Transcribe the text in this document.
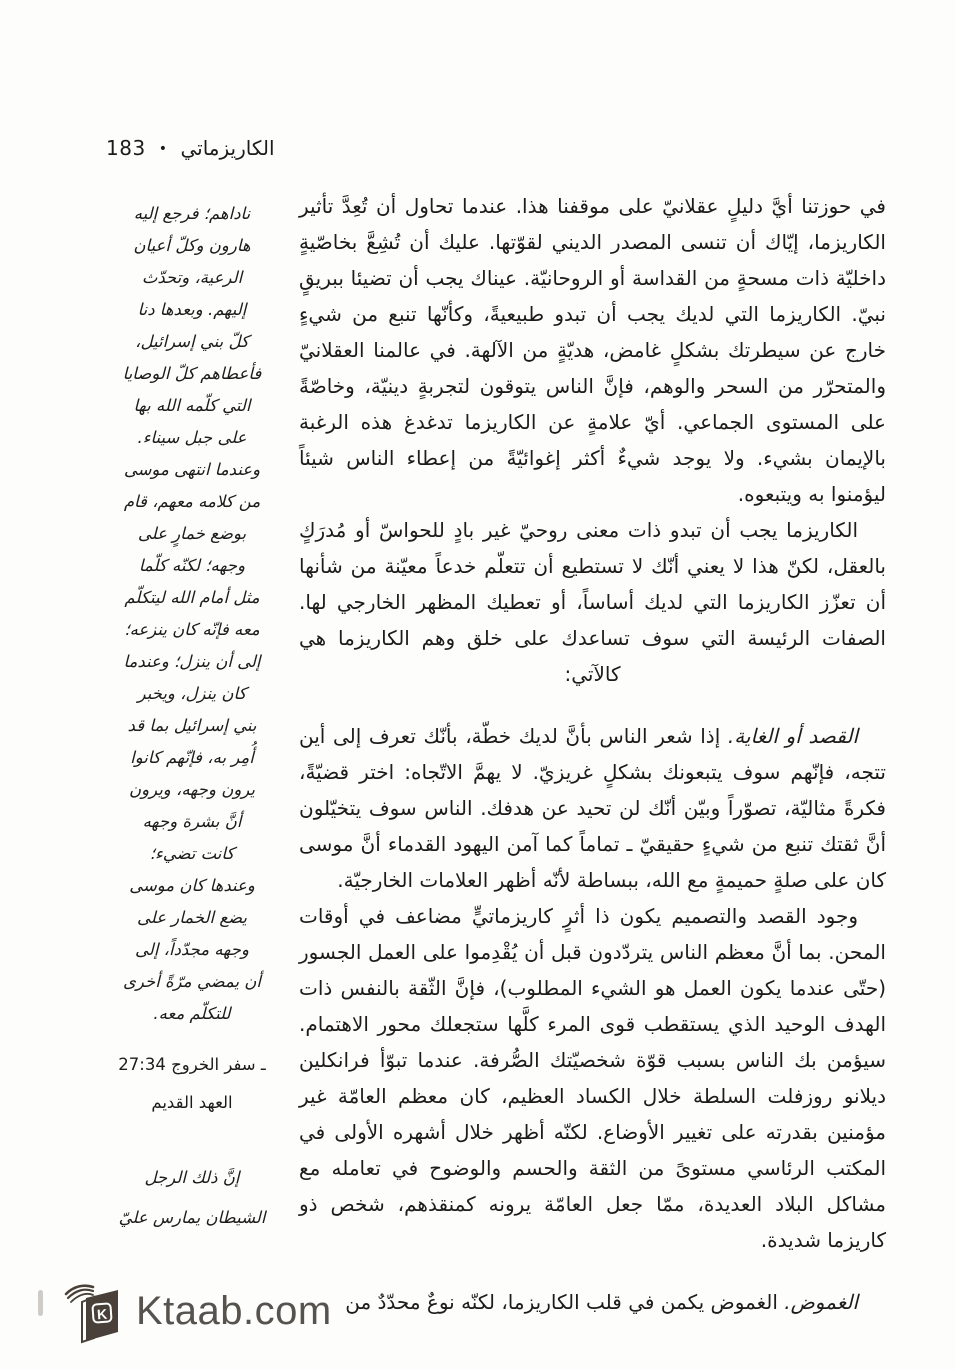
الكاريزماتي
•
183
ناداهم؛ فرجع إليه
هارون وكلّ أعيان
الرعية، وتحدّث
إليهم. وبعدها دنا
كلّ بني إسرائيل،
فأعطاهم كلّ الوصايا
التي كلّمه الله بها
على جبل سيناء.
وعندما انتهى موسى
من كلامه معهم، قام
بوضع خمارٍ على
وجهه؛ لكنّه كلّما
مثل أمام الله ليتكلّم
معه فإنّه كان ينزعه؛
إلى أن ينزل؛ وعندما
كان ينزل، ويخبر
بني إسرائيل بما قد
أُمِر به، فإنّهم كانوا
يرون وجهه، ويرون
أنَّ بشرة وجهه
كانت تضيء؛
وعندها كان موسى
يضع الخمار على
وجهه مجدّداً، إلى
أن يمضي مرّةً أخرى
للتكلّم معه.
ـ سفر الخروج 27:34
العهد القديم
إنَّ ذلك الرجل
الشيطان يمارس عليّ

في حوزتنا أيَّ دليلٍ عقلانيّ على موقفنا هذا. عندما تحاول أن تُعِدَّ تأثير الكاريزما، إيّاك أن تنسى المصدر الديني لقوّتها. عليك أن تُشِعَّ بخاصّيةٍ داخليّة ذات مسحةٍ من القداسة أو الروحانيّة. عيناك يجب أن تضيئا ببريقٍ نبيّ. الكاريزما التي لديك يجب أن تبدو طبيعيةً، وكأنّها تنبع من شيءٍ خارج عن سيطرتك بشكلٍ غامض، هديّةٍ من الآلهة. في عالمنا العقلانيّ والمتحرّر من السحر والوهم، فإنَّ الناس يتوقون لتجربةٍ دينيّة، وخاصّةً على المستوى الجماعي. أيّ علامةٍ عن الكاريزما تدغدغ هذه الرغبة بالإيمان بشيء. ولا يوجد شيءٌ أكثر إغوائيّةً من إعطاء الناس شيئاً ليؤمنوا به ويتبعوه.

الكاريزما يجب أن تبدو ذات معنى روحيّ غير بادٍ للحواسّ أو مُدرَكٍ بالعقل، لكنّ هذا لا يعني أنّك لا تستطيع أن تتعلّم خدعاً معيّنة من شأنها أن تعزّز الكاريزما التي لديك أساساً، أو تعطيك المظهر الخارجي لها. الصفات الرئيسة التي سوف تساعدك على خلق وهم الكاريزما هي كالآتي:

القصد أو الغاية. إذا شعر الناس بأنَّ لديك خطّة، بأنّك تعرف إلى أين تتجه، فإنّهم سوف يتبعونك بشكلٍ غريزيّ. لا يهمَّ الاتّجاه: اختر قضيّةً، فكرةً مثاليّة، تصوّراً وبيّن أنّك لن تحيد عن هدفك. الناس سوف يتخيّلون أنَّ ثقتك تنبع من شيءٍ حقيقيّ ـ تماماً كما آمن اليهود القدماء أنَّ موسى كان على صلةٍ حميمةٍ مع الله، ببساطة لأنّه أظهر العلامات الخارجيّة.

وجود القصد والتصميم يكون ذا أثرٍ كاريزماتيٍّ مضاعف في أوقات المحن. بما أنَّ معظم الناس يتردّدون قبل أن يُقْدِموا على العمل الجسور (حتّى عندما يكون العمل هو الشيء المطلوب)، فإنَّ الثّقة بالنفس ذات الهدف الوحيد الذي يستقطب قوى المرء كلَّها ستجعلك محور الاهتمام. سيؤمن بك الناس بسبب قوّة شخصيّتك الصُّرفة. عندما تبوّأ فرانكلين ديلانو روزفلت السلطة خلال الكساد العظيم، كان معظم العامّة غير مؤمنين بقدرته على تغيير الأوضاع. لكنّه أظهر خلال أشهره الأولى في المكتب الرئاسي مستوىً من الثقة والحسم والوضوح في تعامله مع مشاكل البلاد العديدة، ممّا جعل العامّة يرونه كمنقذهم، شخص ذو كاريزما شديدة.

الغموض. الغموض يكمن في قلب الكاريزما، لكنّه نوعٌ محدّدٌ من

K Ktaab.com
